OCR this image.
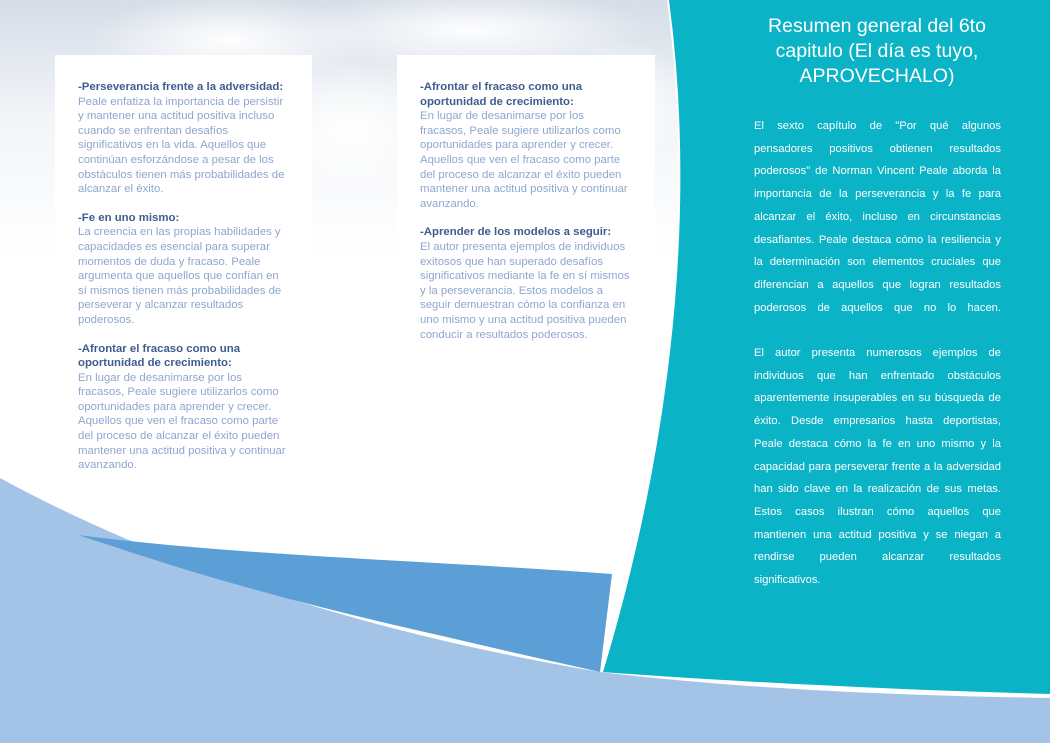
-Perseverancia frente a la adversidad:
Peale enfatiza la importancia de persistir y mantener una actitud positiva incluso cuando se enfrentan desafíos significativos en la vida. Aquellos que continúan esforzándose a pesar de los obstáculos tienen más probabilidades de alcanzar el éxito.
-Fe en uno mismo:
La creencia en las propias habilidades y capacidades es esencial para superar momentos de duda y fracaso. Peale argumenta que aquellos que confían en sí mismos tienen más probabilidades de perseverar y alcanzar resultados poderosos.
-Afrontar el fracaso como una oportunidad de crecimiento:
En lugar de desanimarse por los fracasos, Peale sugiere utilizarlos como oportunidades para aprender y crecer. Aquellos que ven el fracaso como parte del proceso de alcanzar el éxito pueden mantener una actitud positiva y continuar avanzando.
-Afrontar el fracaso como una oportunidad de crecimiento:
En lugar de desanimarse por los fracasos, Peale sugiere utilizarlos como oportunidades para aprender y crecer. Aquellos que ven el fracaso como parte del proceso de alcanzar el éxito pueden mantener una actitud positiva y continuar avanzando.
-Aprender de los modelos a seguir:
El autor presenta ejemplos de individuos exitosos que han superado desafíos significativos mediante la fe en sí mismos y la perseverancia. Estos modelos a seguir demuestran cómo la confianza en uno mismo y una actitud positiva pueden conducir a resultados poderosos.
Resumen general del 6to capitulo (El día es tuyo, APROVECHALO)

El sexto capítulo de "Por qué algunos pensadores positivos obtienen resultados poderosos" de Norman Vincent Peale aborda la importancia de la perseverancia y la fe para alcanzar el éxito, incluso en circunstancias desafiantes. Peale destaca cómo la resiliencia y la determinación son elementos cruciales que diferencian a aquellos que logran resultados poderosos de aquellos que no lo hacen.

El autor presenta numerosos ejemplos de individuos que han enfrentado obstáculos aparentemente insuperables en su búsqueda de éxito. Desde empresarios hasta deportistas, Peale destaca cómo la fe en uno mismo y la capacidad para perseverar frente a la adversidad han sido clave en la realización de sus metas. Estos casos ilustran cómo aquellos que mantienen una actitud positiva y se niegan a rendirse pueden alcanzar resultados significativos.
